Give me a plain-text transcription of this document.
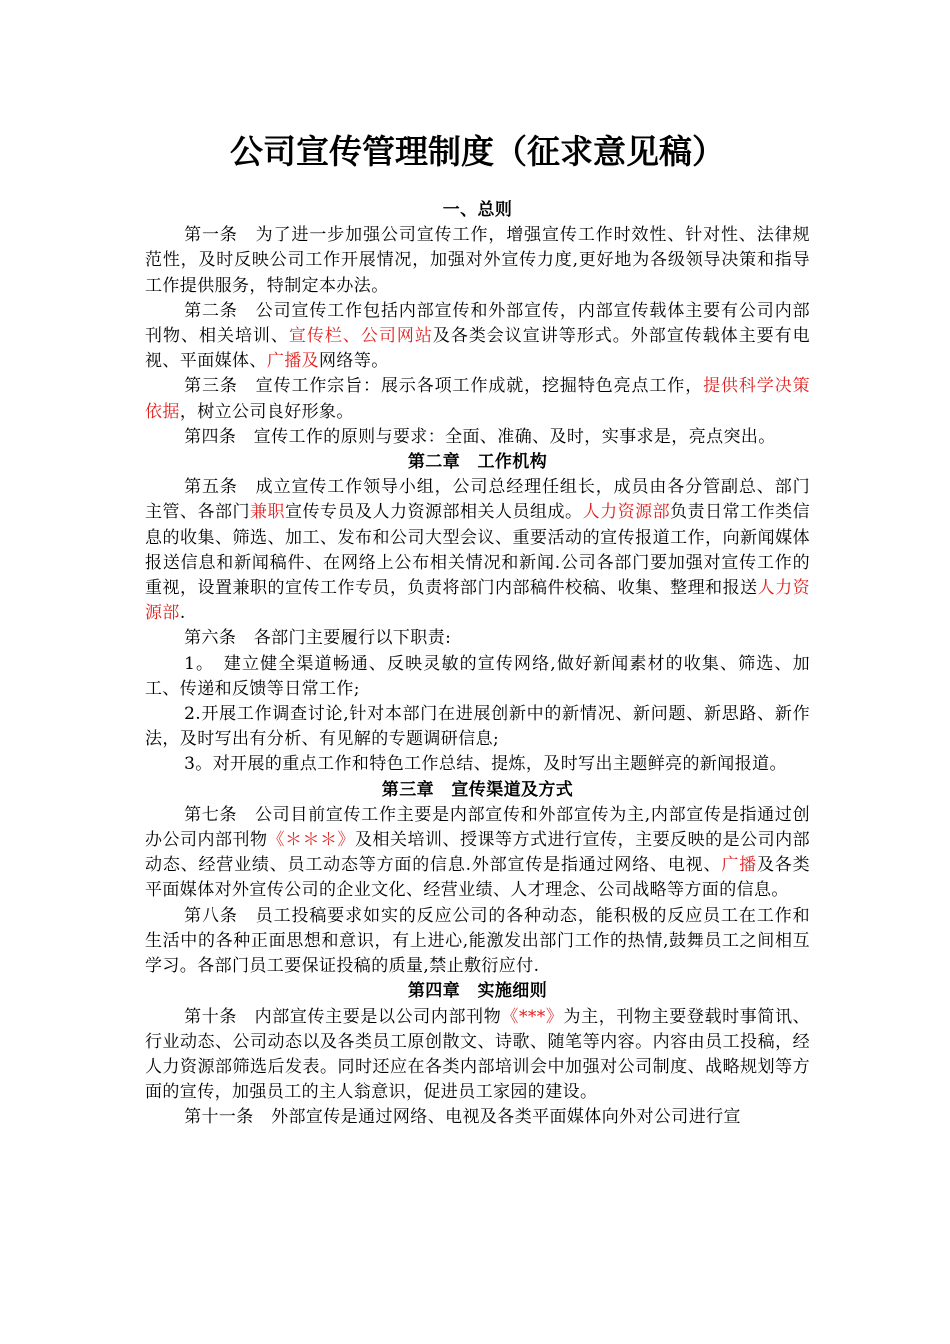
公司宣传管理制度（征求意见稿）
一、总则

第一条　为了进一步加强公司宣传工作，增强宣传工作时效性、针对性、法律规范性，及时反映公司工作开展情况，加强对外宣传力度,更好地为各级领导决策和指导工作提供服务，特制定本办法。

第二条　公司宣传工作包括内部宣传和外部宣传，内部宣传载体主要有公司内部刊物、相关培训、宣传栏、公司网站及各类会议宣讲等形式。外部宣传载体主要有电视、平面媒体、广播及网络等。

第三条　宣传工作宗旨：展示各项工作成就，挖掘特色亮点工作，提供科学决策依据，树立公司良好形象。

第四条　宣传工作的原则与要求：全面、准确、及时，实事求是，亮点突出。

第二章　工作机构

第五条　成立宣传工作领导小组，公司总经理任组长，成员由各分管副总、部门主管、各部门兼职宣传专员及人力资源部相关人员组成。人力资源部负责日常工作类信息的收集、筛选、加工、发布和公司大型会议、重要活动的宣传报道工作，向新闻媒体报送信息和新闻稿件、在网络上公布相关情况和新闻.公司各部门要加强对宣传工作的重视，设置兼职的宣传工作专员，负责将部门内部稿件校稿、收集、整理和报送人力资源部.

第六条　各部门主要履行以下职责:

1。　建立健全渠道畅通、反映灵敏的宣传网络,做好新闻素材的收集、筛选、加工、传递和反馈等日常工作;

2.开展工作调查讨论,针对本部门在进展创新中的新情况、新问题、新思路、新作法，及时写出有分析、有见解的专题调研信息;

3。对开展的重点工作和特色工作总结、提炼，及时写出主题鲜亮的新闻报道。

第三章　宣传渠道及方式

第七条　公司目前宣传工作主要是内部宣传和外部宣传为主,内部宣传是指通过创办公司内部刊物《＊＊＊》及相关培训、授课等方式进行宣传，主要反映的是公司内部动态、经营业绩、员工动态等方面的信息.外部宣传是指通过网络、电视、广播及各类平面媒体对外宣传公司的企业文化、经营业绩、人才理念、公司战略等方面的信息。

第八条　员工投稿要求如实的反应公司的各种动态，能积极的反应员工在工作和生活中的各种正面思想和意识，有上进心,能激发出部门工作的热情,鼓舞员工之间相互学习。各部门员工要保证投稿的质量,禁止敷衍应付.

第四章　实施细则

第十条　内部宣传主要是以公司内部刊物《***》为主，刊物主要登载时事简讯、行业动态、公司动态以及各类员工原创散文、诗歌、随笔等内容。内容由员工投稿，经人力资源部筛选后发表。同时还应在各类内部培训会中加强对公司制度、战略规划等方面的宣传，加强员工的主人翁意识，促进员工家园的建设。

第十一条　外部宣传是通过网络、电视及各类平面媒体向外对公司进行宣
